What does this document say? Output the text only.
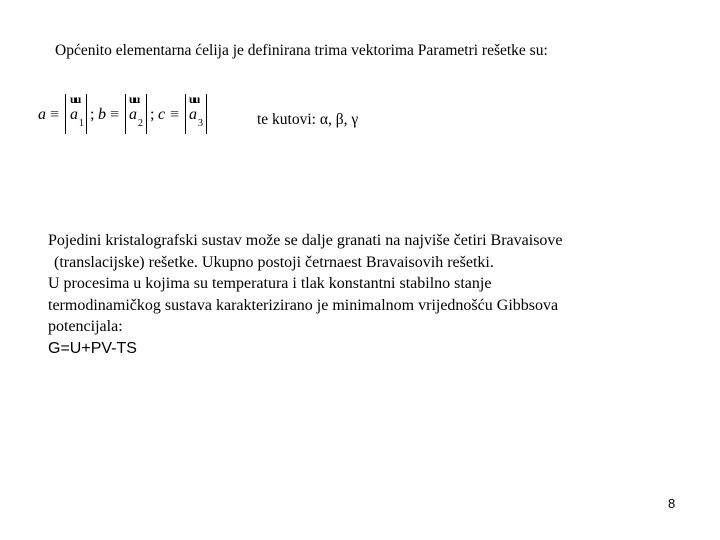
Općenito elementarna ćelija je definirana trima vektorima Parametri rešetke su:
a ≡
uu
a
1
; b ≡
uu
a
2
; c ≡
uu
a
3	te kutovi: α, β, γ

Pojedini kristalografski sustav može se dalje granati na najviše četiri Bravaisove

(translacijske) rešetke. Ukupno postoji četrnaest Bravaisovih rešetki.

U procesima u kojima su temperatura i tlak konstantni stabilno stanje

termodinamičkog sustava karakterizirano je minimalnom vrijednošću Gibbsova

potencijala:

G=U+PV-TS

8
